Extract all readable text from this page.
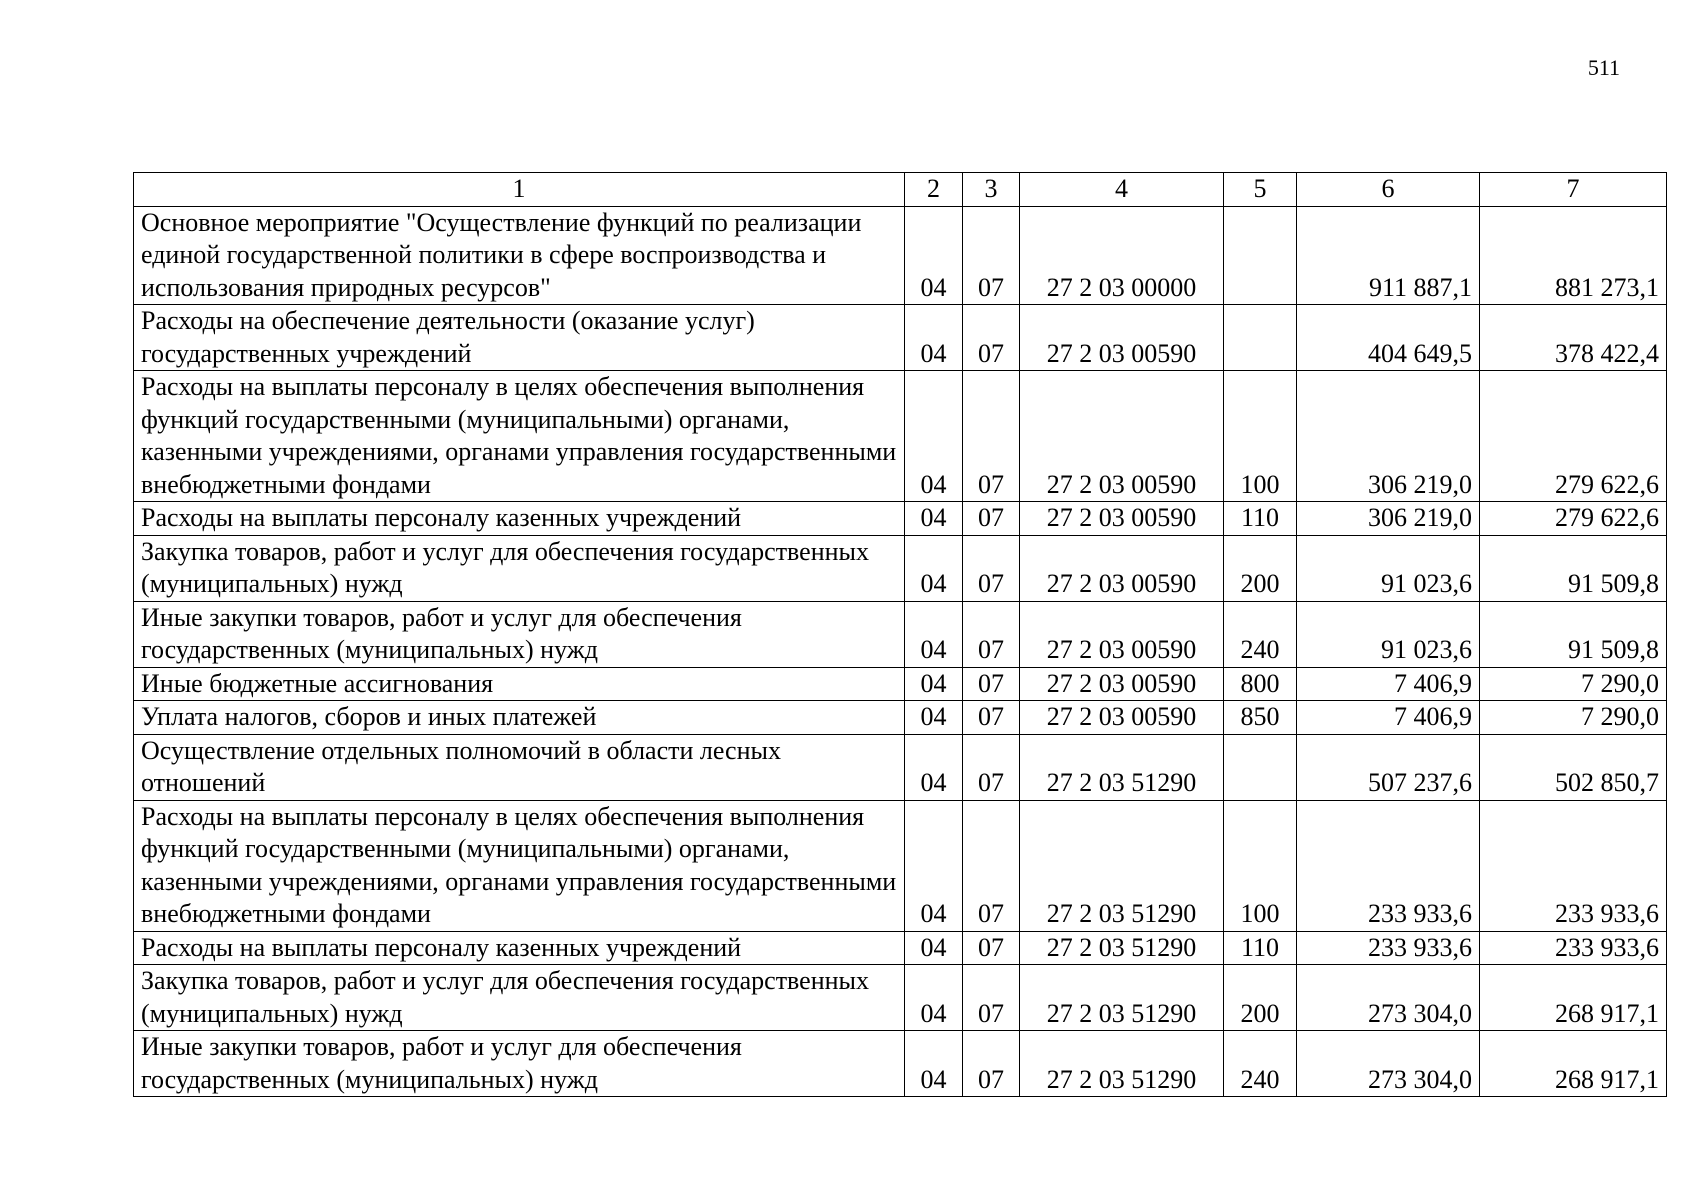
511
1	2	3	4	5	6	7
Основное мероприятие "Осуществление функций по реализации единой государственной политики в сфере воспроизводства и использования природных ресурсов"	04	07	27 2 03 00000		911 887,1	881 273,1
Расходы на обеспечение деятельности (оказание услуг) государственных учреждений	04	07	27 2 03 00590		404 649,5	378 422,4
Расходы на выплаты персоналу в целях обеспечения выполнения функций государственными (муниципальными) органами, казенными учреждениями, органами управления государственными внебюджетными фондами	04	07	27 2 03 00590	100	306 219,0	279 622,6
Расходы на выплаты персоналу казенных учреждений	04	07	27 2 03 00590	110	306 219,0	279 622,6
Закупка товаров, работ и услуг для обеспечения государственных (муниципальных) нужд	04	07	27 2 03 00590	200	91 023,6	91 509,8
Иные закупки товаров, работ и услуг для обеспечения государственных (муниципальных) нужд	04	07	27 2 03 00590	240	91 023,6	91 509,8
Иные бюджетные ассигнования	04	07	27 2 03 00590	800	7 406,9	7 290,0
Уплата налогов, сборов и иных платежей	04	07	27 2 03 00590	850	7 406,9	7 290,0
Осуществление отдельных полномочий в области лесных отношений	04	07	27 2 03 51290		507 237,6	502 850,7
Расходы на выплаты персоналу в целях обеспечения выполнения функций государственными (муниципальными) органами, казенными учреждениями, органами управления государственными внебюджетными фондами	04	07	27 2 03 51290	100	233 933,6	233 933,6
Расходы на выплаты персоналу казенных учреждений	04	07	27 2 03 51290	110	233 933,6	233 933,6
Закупка товаров, работ и услуг для обеспечения государственных (муниципальных) нужд	04	07	27 2 03 51290	200	273 304,0	268 917,1
Иные закупки товаров, работ и услуг для обеспечения государственных (муниципальных) нужд	04	07	27 2 03 51290	240	273 304,0	268 917,1
